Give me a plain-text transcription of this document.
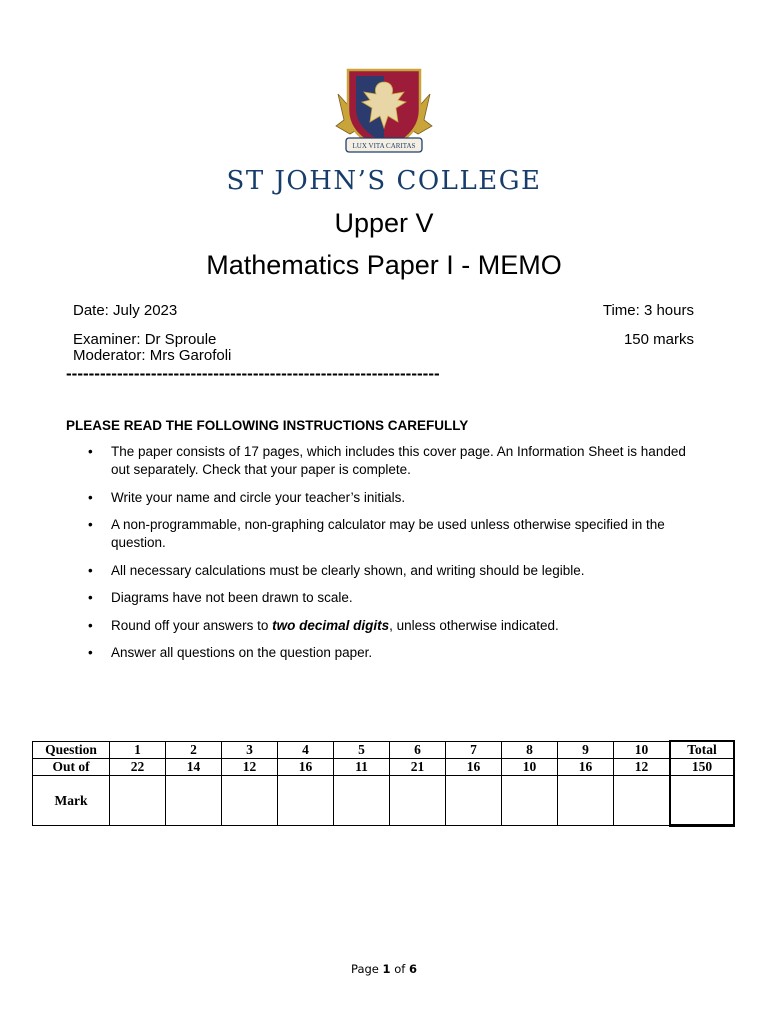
LUX VITA CARITAS
ST JOHN’S COLLEGE
Upper V
Mathematics Paper I - MEMO
Date: July 2023	Time: 3 hours
Examiner: Dr Sproule	150 marks
Moderator: Mrs Garofoli
------------------------------------------------------------------
PLEASE READ THE FOLLOWING INSTRUCTIONS CAREFULLY
• The paper consists of 17 pages, which includes this cover page. An Information Sheet is handed out separately. Check that your paper is complete.
• Write your name and circle your teacher’s initials.
• A non-programmable, non-graphing calculator may be used unless otherwise specified in the question.
• All necessary calculations must be clearly shown, and writing should be legible.
• Diagrams have not been drawn to scale.
• Round off your answers to two decimal digits, unless otherwise indicated.
• Answer all questions on the question paper.
Question	1	2	3	4	5	6	7	8	9	10	Total
Out of	22	14	12	16	11	21	16	10	16	12	150
Mark											
Page 1 of 6
